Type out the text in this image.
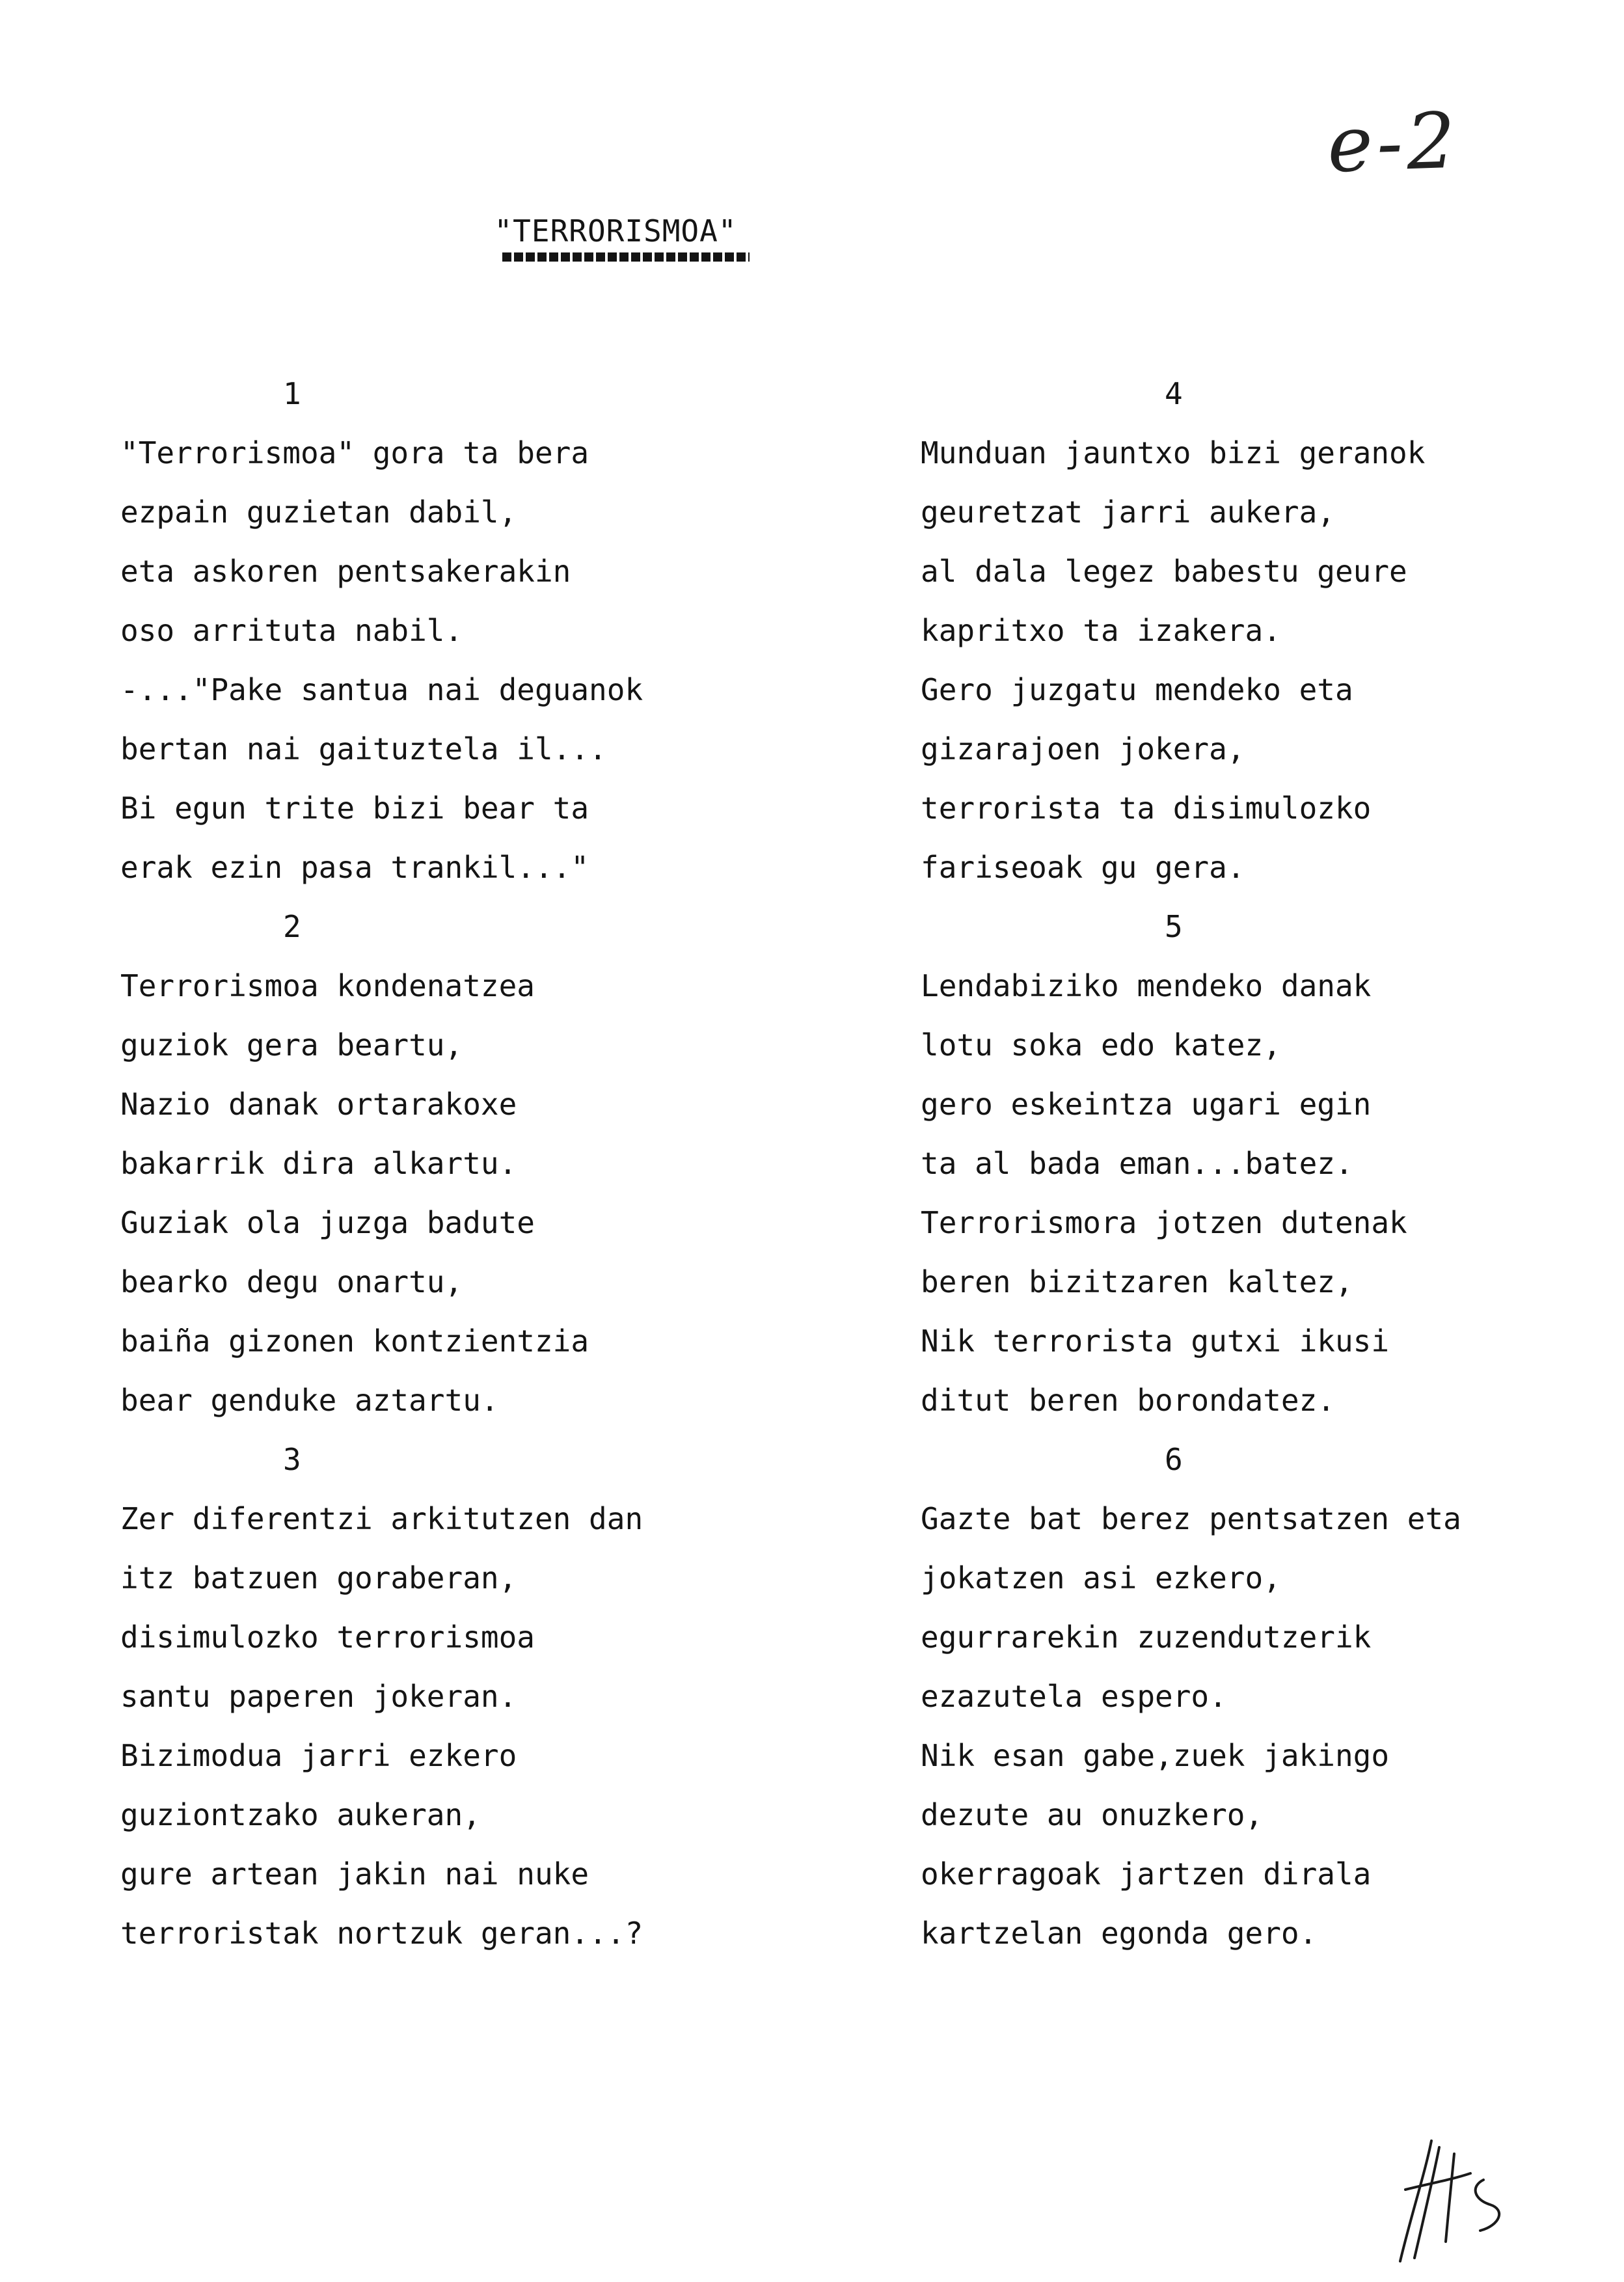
e-2
"TERRORISMOA"
1
"Terrorismoa" gora ta bera
ezpain guzietan dabil,
eta askoren pentsakerakin
oso arrituta nabil.
-..."Pake santua nai deguanok
bertan nai gaituztela il...
Bi egun trite bizi bear ta
erak ezin pasa trankil..."
2
Terrorismoa kondenatzea
guziok gera beartu,
Nazio danak ortarakoxe
bakarrik dira alkartu.
Guziak ola juzga badute
bearko degu onartu,
baiña gizonen kontzientzia
bear genduke aztartu.
3
Zer diferentzi arkitutzen dan
itz batzuen goraberan,
disimulozko terrorismoa
santu paperen jokeran.
Bizimodua jarri ezkero
guziontzako aukeran,
gure artean jakin nai nuke
terroristak nortzuk geran...?
4
Munduan jauntxo bizi geranok
geuretzat jarri aukera,
al dala legez babestu geure
kapritxo ta izakera.
Gero juzgatu mendeko eta
gizarajoen jokera,
terrorista ta disimulozko
fariseoak gu gera.
5
Lendabiziko mendeko danak
lotu soka edo katez,
gero eskeintza ugari egin
ta al bada eman...batez.
Terrorismora jotzen dutenak
beren bizitzaren kaltez,
Nik terrorista gutxi ikusi
ditut beren borondatez.
6
Gazte bat berez pentsatzen eta
jokatzen asi ezkero,
egurrarekin zuzendutzerik
ezazutela espero.
Nik esan gabe,zuek jakingo
dezute au onuzkero,
okerragoak jartzen dirala
kartzelan egonda gero.
